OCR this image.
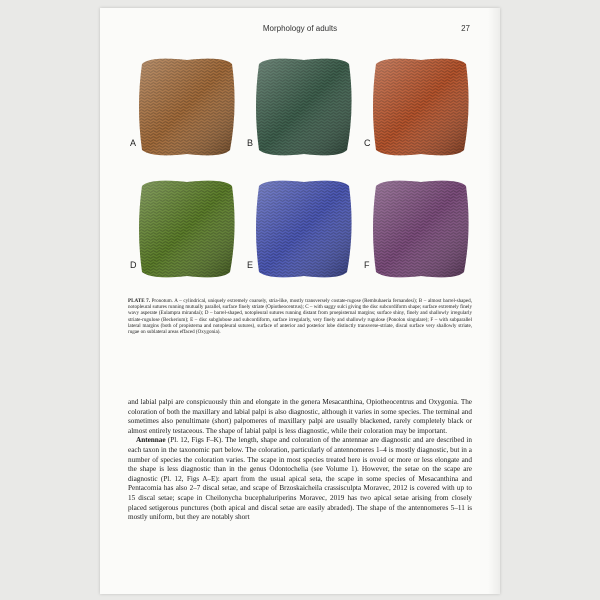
Morphology of adults	27
A	B	C
D	E	F
PLATE 7. Pronotum. A – cylindrical, uniquely extremely coarsely, stria-like, mostly transversely costate-rugose (Rembuhaeria fernandesi); B – almost barrel-shaped, notopleural sutures running mutually parallel, surface finely striate (Opiotheocentrus); C – with saggy sulci giving the disc subcordiform shape; surface extremely finely wavy asperate (Eulampra mirandai); D – barrel-shaped, notopleural sutures running distant from proepisternal margins; surface shiny, finely and shallowly irregularly striate-rugulose (Beckerium); E – disc subglobose and subcordiform, surface irregularly, very finely and shallowly rugulose (Ponolon singulare); F – with subparallel lateral margins (both of propisterna and notopleural sutures), surface of anterior and posterior lobe distinctly transverse-striate, discal surface very shallowly striate, rugae on sublateral areas effaced (Oxygonia).

and labial palpi are conspicuously thin and elongate in the genera Mesacanthina, Opiotheocentrus and Oxygonia. The coloration of both the maxillary and labial palpi is also diagnostic, although it varies in some species. The terminal and sometimes also penultimate (short) palpomeres of maxillary palpi are usually blackened, rarely completely black or almost entirely testaceous. The shape of labial palpi is less diagnostic, while their coloration may be important.

Antennae (Pl. 12, Figs F–K). The length, shape and coloration of the antennae are diagnostic and are described in each taxon in the taxonomic part below. The coloration, particularly of antennomeres 1–4 is mostly diagnostic, but in a number of species the coloration varies. The scape in most species treated here is ovoid or more or less elongate and the shape is less diagnostic than in the genus Odontochelia (see Volume 1). However, the setae on the scape are diagnostic (Pl. 12, Figs A–E): apart from the usual apical seta, the scape in some species of Mesacanthina and Pentacomia has also 2–7 discal setae, and scape of Brzoskaicheila crassisculpta Moravec, 2012 is covered with up to 15 discal setae; scape in Cheilonycha bucephaluriperins Moravec, 2019 has two apical setae arising from closely placed setigerous punctures (both apical and discal setae are easily abraded). The shape of the antennomeres 5–11 is mostly uniform, but they are notably short
